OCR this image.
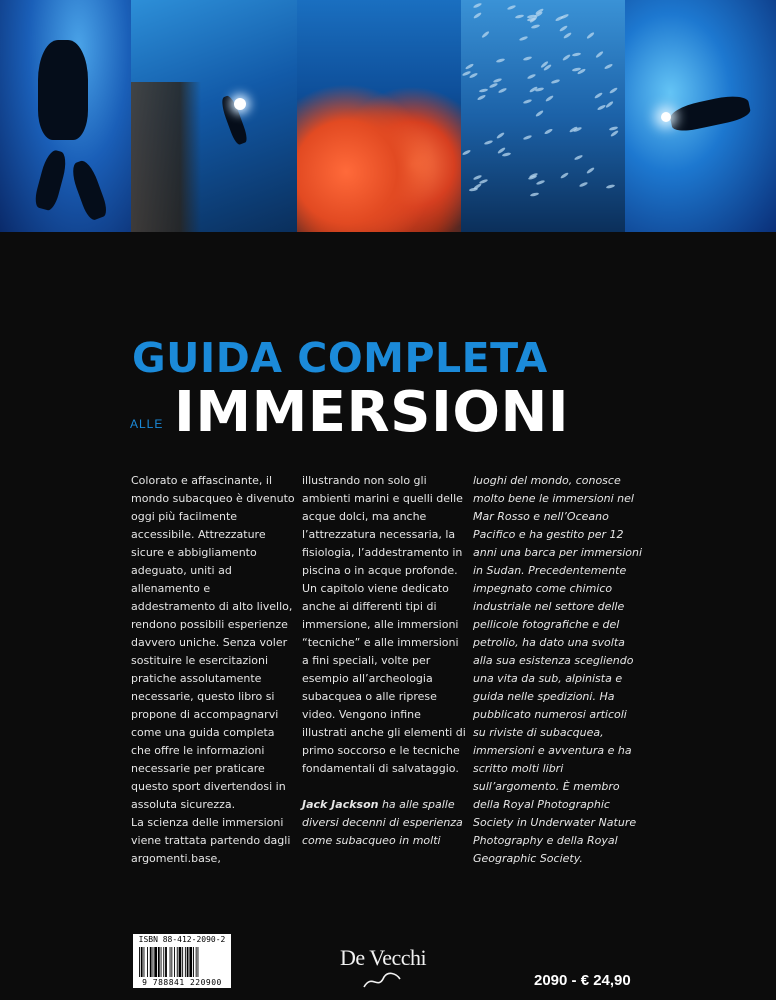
GUIDA COMPLETA
ALLE IMMERSIONI

Colorato e affascinante, il mondo subacqueo è divenuto oggi più facilmente accessibile. Attrezzature sicure e abbigliamento adeguato, uniti ad allenamento e addestramento di alto livello, rendono possibili esperienze davvero uniche. Senza voler sostituire le esercitazioni pratiche assolutamente necessarie, questo libro si propone di accompagnarvi come una guida completa che offre le informazioni necessarie per praticare questo sport divertendosi in assoluta sicurezza.

La scienza delle immersioni viene trattata partendo dagli argomenti.base,

illustrando non solo gli ambienti marini e quelli delle acque dolci, ma anche l’attrezzatura necessaria, la fisiologia, l’addestramento in piscina o in acque profonde.

Un capitolo viene dedicato anche ai differenti tipi di immersione, alle immersioni “tecniche” e alle immersioni a fini speciali, volte per esempio all’archeologia subacquea o alle riprese video. Vengono infine illustrati anche gli elementi di primo soccorso e le tecniche fondamentali di salvataggio.

Jack Jackson ha alle spalle diversi decenni di esperienza come subacqueo in molti

luoghi del mondo, conosce molto bene le immersioni nel Mar Rosso e nell’Oceano Pacifico e ha gestito per 12 anni una barca per immersioni in Sudan. Precedentemente impegnato come chimico industriale nel settore delle pellicole fotografiche e del petrolio, ha dato una svolta alla sua esistenza scegliendo una vita da sub, alpinista e guida nelle spedizioni. Ha pubblicato numerosi articoli su riviste di subacquea, immersioni e avventura e ha scritto molti libri sull’argomento. È membro della Royal Photographic Society in Underwater Nature Photography e della Royal Geographic Society.

ISBN 88-412-2090-2
9 788841 220900
De Vecchi
2090 - € 24,90
